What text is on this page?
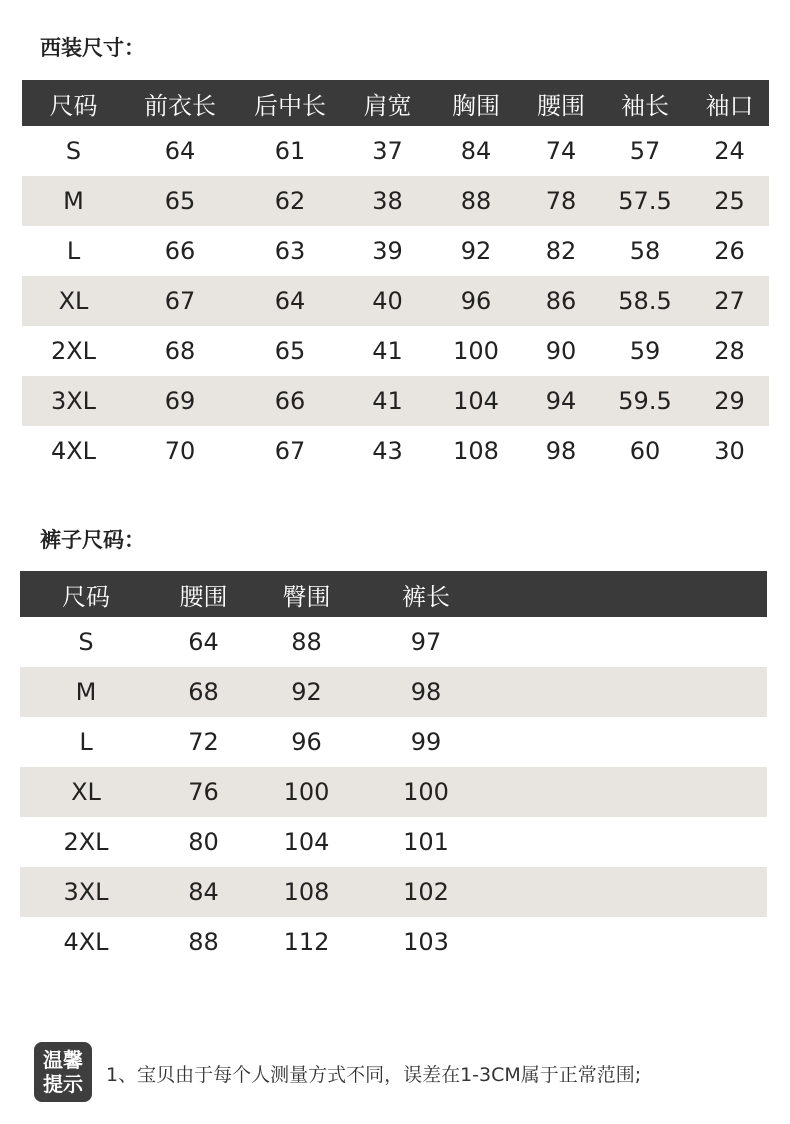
西装尺寸：
尺码	前衣长	后中长	肩宽	胸围	腰围	袖长	袖口
S	64	61	37	84	74	57	24
M	65	62	38	88	78	57.5	25
L	66	63	39	92	82	58	26
XL	67	64	40	96	86	58.5	27
2XL	68	65	41	100	90	59	28
3XL	69	66	41	104	94	59.5	29
4XL	70	67	43	108	98	60	30
裤子尺码：
尺码	腰围	臀围	裤长	
S	64	88	97	
M	68	92	98	
L	72	96	99	
XL	76	100	100	
2XL	80	104	101	
3XL	84	108	102	
4XL	88	112	103	
温馨
提示 1、宝贝由于每个人测量方式不同，误差在1-3CM属于正常范围;
